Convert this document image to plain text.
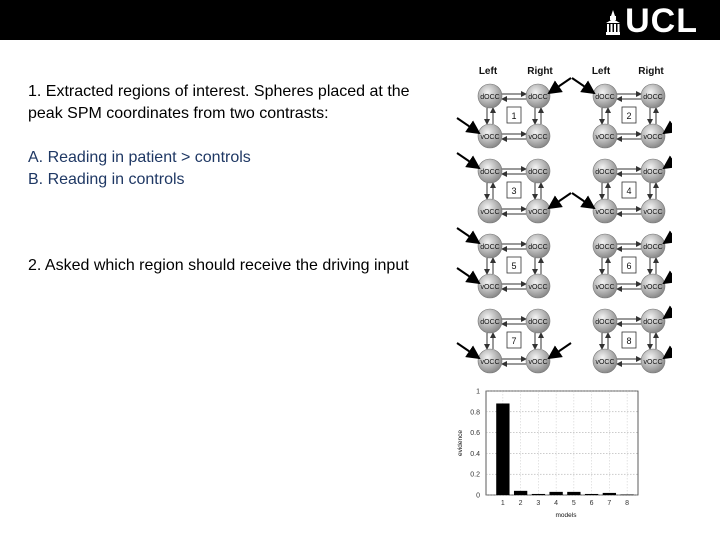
UCL
1. Extracted regions of interest. Spheres placed at the peak SPM coordinates from two contrasts:
A. Reading in patient > controls
B. Reading in controls
2. Asked which region should receive the driving input
Left	Right	Left	Right
dOCC	dOCC
vOCC	vOCC
1
dOCC	dOCC
vOCC	vOCC
2
dOCC	dOCC
vOCC	vOCC
3
dOCC	dOCC
vOCC	vOCC
4
dOCC	dOCC
vOCC	vOCC
5
dOCC	dOCC
vOCC	vOCC
6
dOCC	dOCC
vOCC	vOCC
7
dOCC	dOCC
vOCC	vOCC
8
0
0.2
0.4
0.6
0.8
1
1 2 3 4 5 6 7 8
models
evidence
